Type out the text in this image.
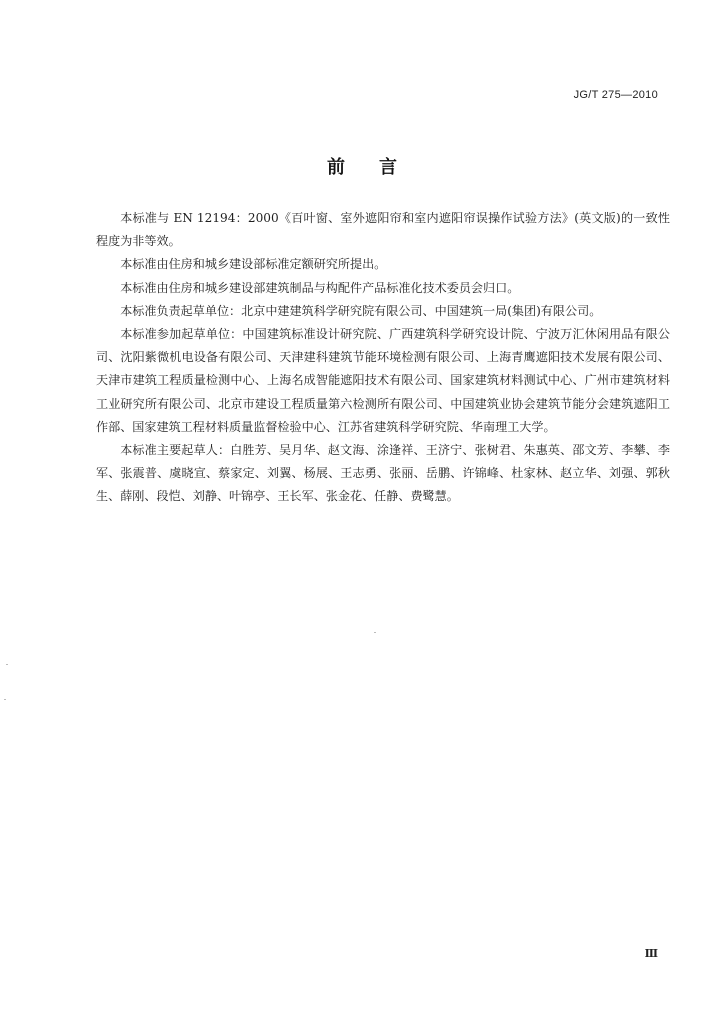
JG/T 275—2010
前言

本标准与 EN 12194：2000《百叶窗、室外遮阳帘和室内遮阳帘误操作试验方法》(英文版)的一致性程度为非等效。

本标准由住房和城乡建设部标准定额研究所提出。

本标准由住房和城乡建设部建筑制品与构配件产品标准化技术委员会归口。

本标准负责起草单位：北京中建建筑科学研究院有限公司、中国建筑一局(集团)有限公司。

本标准参加起草单位：中国建筑标准设计研究院、广西建筑科学研究设计院、宁波万汇休闲用品有限公司、沈阳紫微机电设备有限公司、天津建科建筑节能环境检测有限公司、上海青鹰遮阳技术发展有限公司、天津市建筑工程质量检测中心、上海名成智能遮阳技术有限公司、国家建筑材料测试中心、广州市建筑材料工业研究所有限公司、北京市建设工程质量第六检测所有限公司、中国建筑业协会建筑节能分会建筑遮阳工作部、国家建筑工程材料质量监督检验中心、江苏省建筑科学研究院、华南理工大学。

本标准主要起草人：白胜芳、吴月华、赵文海、涂逢祥、王济宁、张树君、朱惠英、邵文芳、李攀、李军、张震普、虞晓宣、蔡家定、刘翼、杨展、王志勇、张丽、岳鹏、许锦峰、杜家林、赵立华、刘强、郭秋生、薛刚、段恺、刘静、叶锦亭、王长军、张金花、任静、费鹭慧。

Ⅲ
